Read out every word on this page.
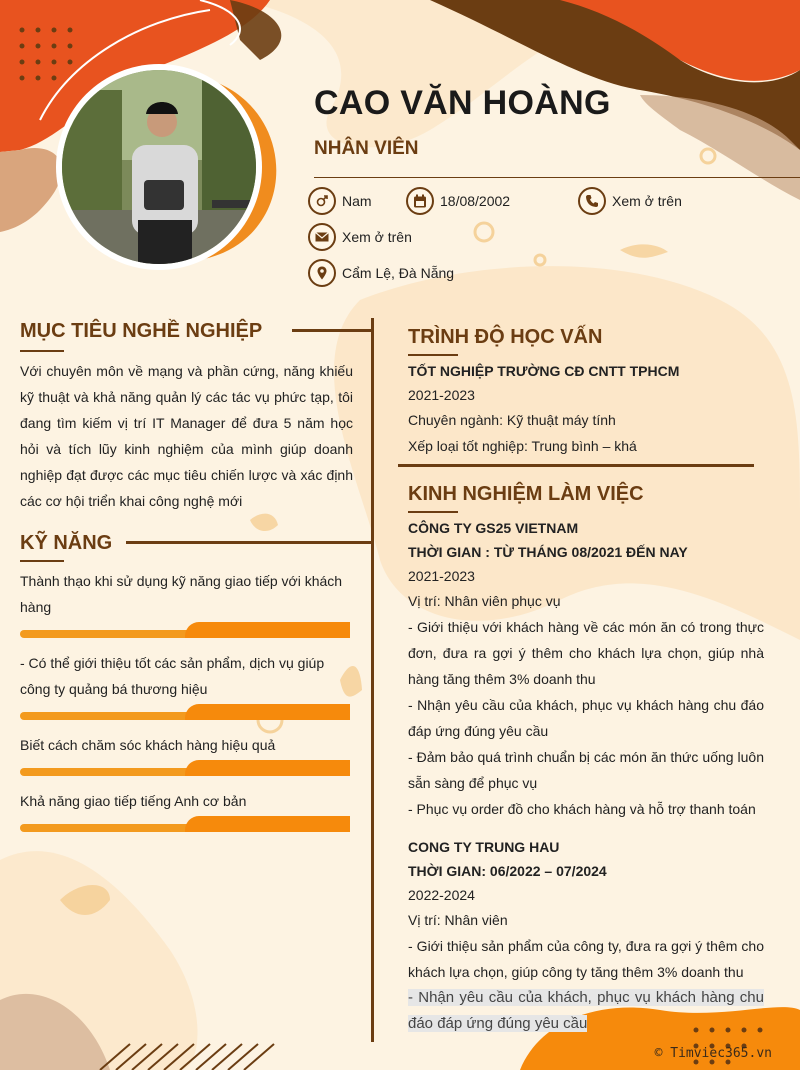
CAO VĂN HOÀNG
NHÂN VIÊN
Nam	18/08/2002	Xem ở trên
Xem ở trên
Cẩm Lệ, Đà Nẵng
MỤC TIÊU NGHỀ NGHIỆP

Với chuyên môn về mạng và phần cứng, năng khiếu kỹ thuật và khả năng quản lý các tác vụ phức tạp, tôi đang tìm kiếm vị trí IT Manager để đưa 5 năm học hỏi và tích lũy kinh nghiệm của mình giúp doanh nghiệp đạt được các mục tiêu chiến lược và xác định các cơ hội triển khai công nghệ mới

KỸ NĂNG
Thành thạo khi sử dụng kỹ năng giao tiếp với khách hàng
- Có thể giới thiệu tốt các sản phẩm, dịch vụ giúp công ty quảng bá thương hiệu
Biết cách chăm sóc khách hàng hiệu quả
Khả năng giao tiếp tiếng Anh cơ bản
TRÌNH ĐỘ HỌC VẤN
TỐT NGHIỆP TRƯỜNG CĐ CNTT TPHCM
2021-2023
Chuyên ngành: Kỹ thuật máy tính
Xếp loại tốt nghiệp: Trung bình – khá
KINH NGHIỆM LÀM VIỆC
CÔNG TY GS25 VIETNAM
THỜI GIAN : TỪ THÁNG 08/2021 ĐẾN NAY
2021-2023
Vị trí: Nhân viên phục vụ

- Giới thiệu với khách hàng về các món ăn có trong thực đơn, đưa ra gợi ý thêm cho khách lựa chọn, giúp nhà hàng tăng thêm 3% doanh thu

- Nhận yêu cầu của khách, phục vụ khách hàng chu đáo đáp ứng đúng yêu cầu

- Đảm bảo quá trình chuẩn bị các món ăn thức uống luôn sẵn sàng để phục vụ

- Phục vụ order đồ cho khách hàng và hỗ trợ thanh toán

CONG TY TRUNG HAU
THỜI GIAN: 06/2022 – 07/2024
2022-2024
Vị trí: Nhân viên

- Giới thiệu sản phẩm của công ty, đưa ra gợi ý thêm cho khách lựa chọn, giúp công ty tăng thêm 3% doanh thu

- Nhận yêu cầu của khách, phục vụ khách hàng chu đáo đáp ứng đúng yêu cầu

© Timviec365.vn
